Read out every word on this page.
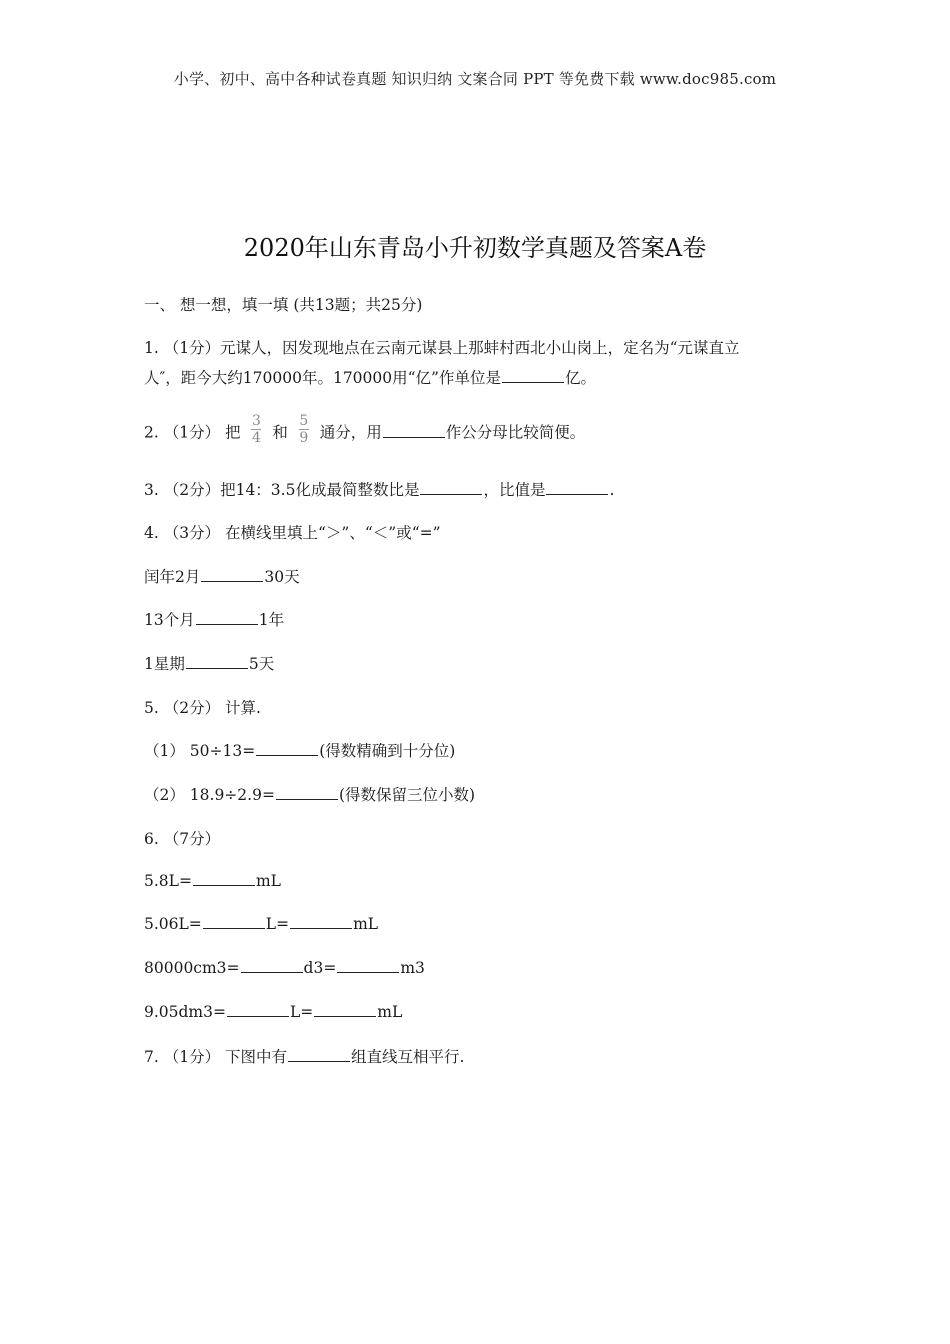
小学、初中、高中各种试卷真题 知识归纳 文案合同 PPT 等免费下载 www.doc985.com
2020年山东青岛小升初数学真题及答案A卷
一、 想一想，填一填 (共13题；共25分)
1. （1分）元谋人，因发现地点在云南元谋县上那蚌村西北小山岗上，定名为“元谋直立
人″，距今大约170000年。170000用“亿”作单位是	亿。
2. （1分） 把 $\frac{3}{4}$ 和 $\frac{5}{9}$ 通分，用	作公分母比较简便。
3. （2分）把14：3.5化成最简整数比是	，比值是	.
4. （3分） 在横线里填上“＞”、“＜”或“=”
闰年2月	30天
13个月	1年
1星期	5天
5. （2分） 计算.
（1） 50÷13=	(得数精确到十分位)
（2） 18.9÷2.9=	(得数保留三位小数)
6. （7分）
5.8L=	mL
5.06L=	L=	mL
80000cm3=	d3=	m3
9.05dm3=	L=	mL
7. （1分） 下图中有	组直线互相平行.
